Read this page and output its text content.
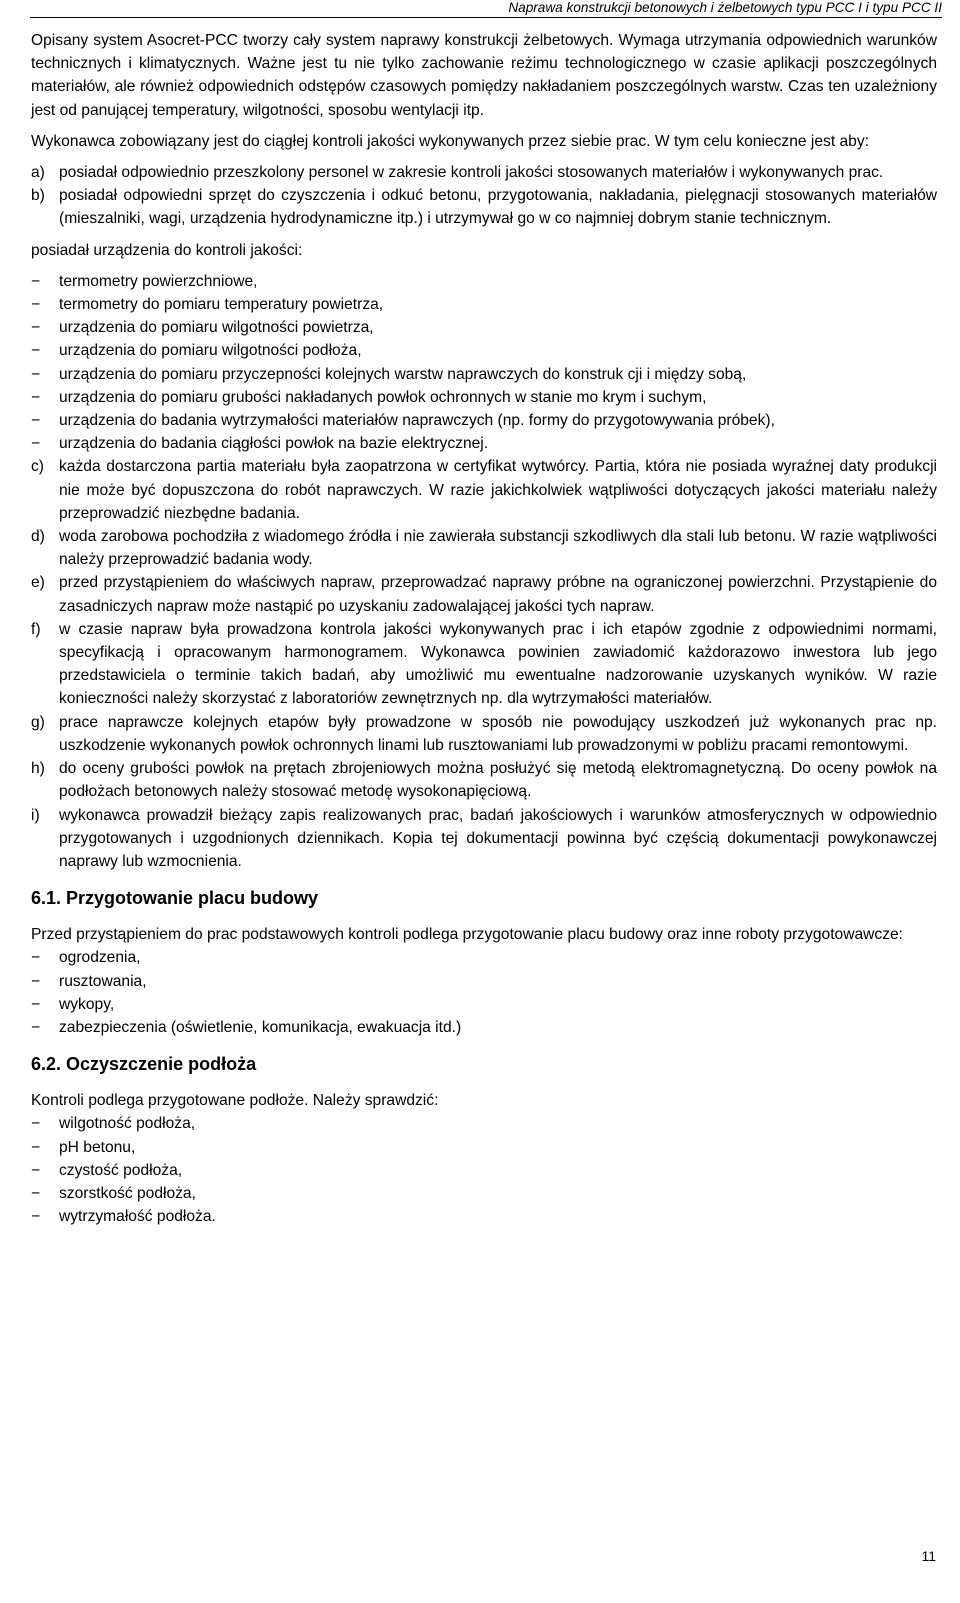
Naprawa konstrukcji betonowych i żelbetowych typu PCC I i typu PCC II

Opisany system Asocret-PCC tworzy cały system naprawy konstrukcji żelbetowych. Wymaga utrzymania odpowiednich warunków technicznych i klimatycznych. Ważne jest tu nie tylko zachowanie reżimu technologicznego w czasie aplikacji poszczególnych materiałów, ale również odpowiednich odstępów czasowych pomiędzy nakładaniem poszczególnych warstw. Czas ten uzależniony jest od panującej temperatury, wilgotności, sposobu wentylacji itp.

Wykonawca zobowiązany jest do ciągłej kontroli jakości wykonywanych przez siebie prac. W tym celu konieczne jest aby:

a) posiadał odpowiednio przeszkolony personel w zakresie kontroli jakości stosowanych materiałów i wykonywanych prac.
b) posiadał odpowiedni sprzęt do czyszczenia i odkuć betonu, przygotowania, nakładania, pielęgnacji stosowanych materiałów (mieszalniki, wagi, urządzenia hydrodynamiczne itp.) i utrzymywał go w co najmniej dobrym stanie technicznym.

posiadał urządzenia do kontroli jakości:

− termometry powierzchniowe,
− termometry do pomiaru temperatury powietrza,
− urządzenia do pomiaru wilgotności powietrza,
− urządzenia do pomiaru wilgotności podłoża,
− urządzenia do pomiaru przyczepności kolejnych warstw naprawczych do konstruk cji i między sobą,
− urządzenia do pomiaru grubości nakładanych powłok ochronnych w stanie mo krym i suchym,
− urządzenia do badania wytrzymałości materiałów naprawczych (np. formy do przygotowywania próbek),
− urządzenia do badania ciągłości powłok na bazie elektrycznej.
c) każda dostarczona partia materiału była zaopatrzona w certyfikat wytwórcy. Partia, która nie posiada wyraźnej daty produkcji nie może być dopuszczona do robót naprawczych. W razie jakichkolwiek wątpliwości dotyczących jakości materiału należy przeprowadzić niezbędne badania.
d) woda zarobowa pochodziła z wiadomego źródła i nie zawierała substancji szkodliwych dla stali lub betonu. W razie wątpliwości należy przeprowadzić badania wody.
e) przed przystąpieniem do właściwych napraw, przeprowadzać naprawy próbne na ograniczonej powierzchni. Przystąpienie do zasadniczych napraw może nastąpić po uzyskaniu zadowalającej jakości tych napraw.
f) w czasie napraw była prowadzona kontrola jakości wykonywanych prac i ich etapów zgodnie z odpowiednimi normami, specyfikacją i opracowanym harmonogramem. Wykonawca powinien zawiadomić każdorazowo inwestora lub jego przedstawiciela o terminie takich badań, aby umożliwić mu ewentualne nadzorowanie uzyskanych wyników. W razie konieczności należy skorzystać z laboratoriów zewnętrznych np. dla wytrzymałości materiałów.
g) prace naprawcze kolejnych etapów były prowadzone w sposób nie powodujący uszkodzeń już wykonanych prac np. uszkodzenie wykonanych powłok ochronnych linami lub rusztowaniami lub prowadzonymi w pobliżu pracami remontowymi.
h) do oceny grubości powłok na prętach zbrojeniowych można posłużyć się metodą elektromagnetyczną. Do oceny powłok na podłożach betonowych należy stosować metodę wysokonapięciową.
i) wykonawca prowadził bieżący zapis realizowanych prac, badań jakościowych i warunków atmosferycznych w odpowiednio przygotowanych i uzgodnionych dziennikach. Kopia tej dokumentacji powinna być częścią dokumentacji powykonawczej naprawy lub wzmocnienia.
6.1. Przygotowanie placu budowy

Przed przystąpieniem do prac podstawowych kontroli podlega przygotowanie placu budowy oraz inne roboty przygotowawcze:

− ogrodzenia,
− rusztowania,
− wykopy,
− zabezpieczenia (oświetlenie, komunikacja, ewakuacja itd.)
6.2. Oczyszczenie podłoża

Kontroli podlega przygotowane podłoże. Należy sprawdzić:

− wilgotność podłoża,
− pH betonu,
− czystość podłoża,
− szorstkość podłoża,
− wytrzymałość podłoża.
11
